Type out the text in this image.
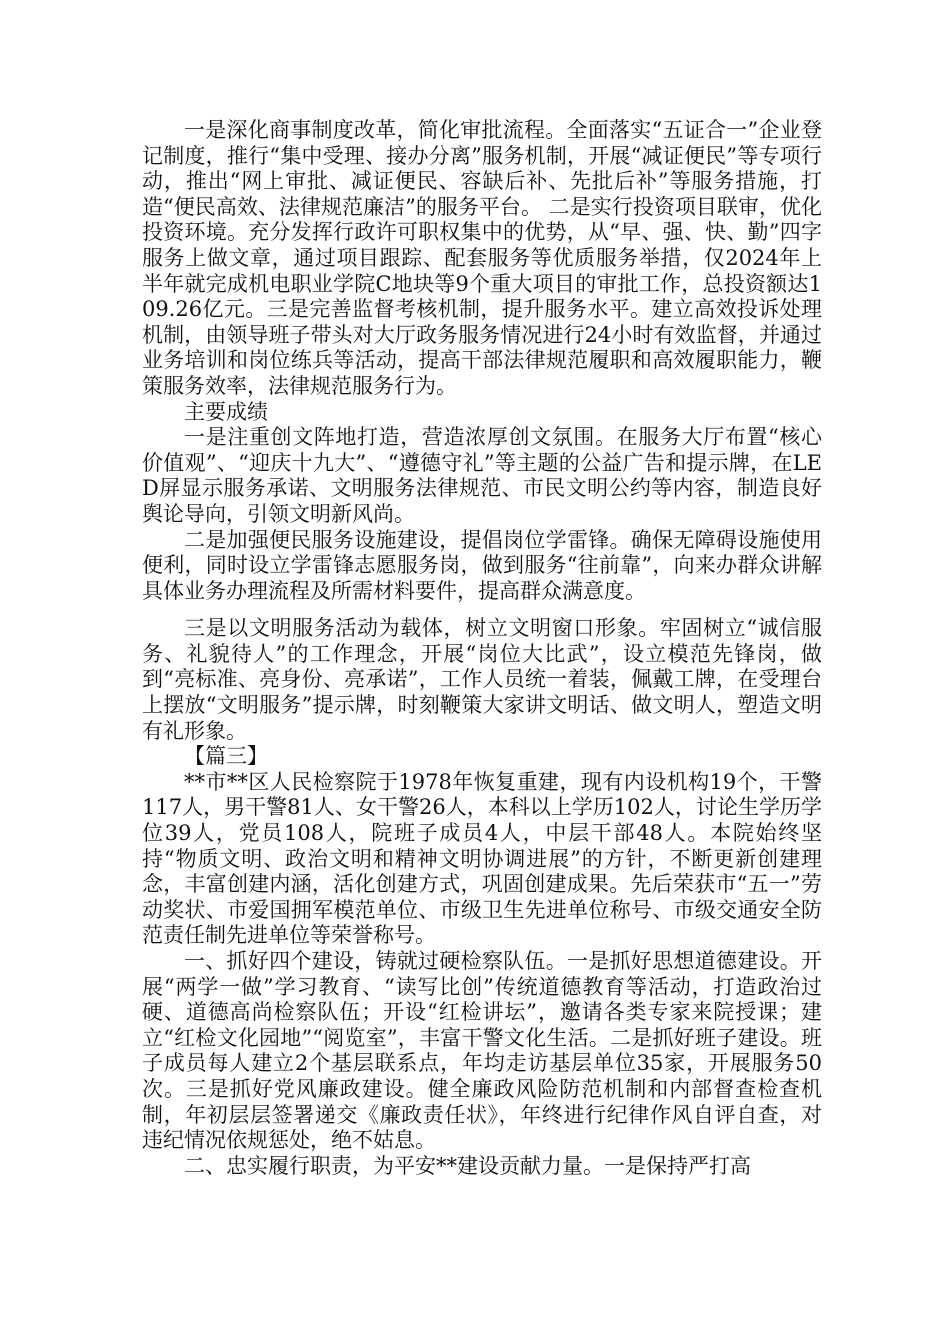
一是深化商事制度改革，简化审批流程。全面落实“五证合一”企业登记制度，推行“集中受理、接办分离”服务机制，开展“减证便民”等专项行动，推出“网上审批、减证便民、容缺后补、先批后补”等服务措施，打造“便民高效、法律规范廉洁”的服务平台。 二是实行投资项目联审，优化投资环境。充分发挥行政许可职权集中的优势，从“早、强、快、勤”四字服务上做文章，通过项目跟踪、配套服务等优质服务举措，仅2024年上半年就完成机电职业学院C地块等9个重大项目的审批工作，总投资额达109.26亿元。三是完善监督考核机制，提升服务水平。建立高效投诉处理机制，由领导班子带头对大厅政务服务情况进行24小时有效监督，并通过业务培训和岗位练兵等活动，提高干部法律规范履职和高效履职能力，鞭策服务效率，法律规范服务行为。

主要成绩

一是注重创文阵地打造，营造浓厚创文氛围。在服务大厅布置“核心价值观”、“迎庆十九大”、“遵德守礼”等主题的公益广告和提示牌，在LED屏显示服务承诺、文明服务法律规范、市民文明公约等内容，制造良好舆论导向，引领文明新风尚。

二是加强便民服务设施建设，提倡岗位学雷锋。确保无障碍设施使用便利，同时设立学雷锋志愿服务岗，做到服务“往前靠”，向来办群众讲解具体业务办理流程及所需材料要件，提高群众满意度。

三是以文明服务活动为载体，树立文明窗口形象。牢固树立“诚信服务、礼貌待人”的工作理念，开展“岗位大比武”，设立模范先锋岗，做到“亮标准、亮身份、亮承诺”，工作人员统一着装，佩戴工牌，在受理台上摆放“文明服务”提示牌，时刻鞭策大家讲文明话、做文明人，塑造文明有礼形象。

【篇三】

**市**区人民检察院于1978年恢复重建，现有内设机构19个，干警117人，男干警81人、女干警26人，本科以上学历102人，讨论生学历学位39人，党员108人，院班子成员4人，中层干部48人。本院始终坚持“物质文明、政治文明和精神文明协调进展”的方针，不断更新创建理念，丰富创建内涵，活化创建方式，巩固创建成果。先后荣获市“五一”劳动奖状、市爱国拥军模范单位、市级卫生先进单位称号、市级交通安全防范责任制先进单位等荣誉称号。

一、抓好四个建设，铸就过硬检察队伍。一是抓好思想道德建设。开展“两学一做”学习教育、“读写比创”传统道德教育等活动，打造政治过硬、道德高尚检察队伍；开设“红检讲坛”，邀请各类专家来院授课；建立“红检文化园地”“阅览室”，丰富干警文化生活。二是抓好班子建设。班子成员每人建立2个基层联系点，年均走访基层单位35家，开展服务50次。三是抓好党风廉政建设。健全廉政风险防范机制和内部督查检查机制，年初层层签署递交《廉政责任状》，年终进行纪律作风自评自查，对违纪情况依规惩处，绝不姑息。

二、忠实履行职责，为平安**建设贡献力量。一是保持严打高
